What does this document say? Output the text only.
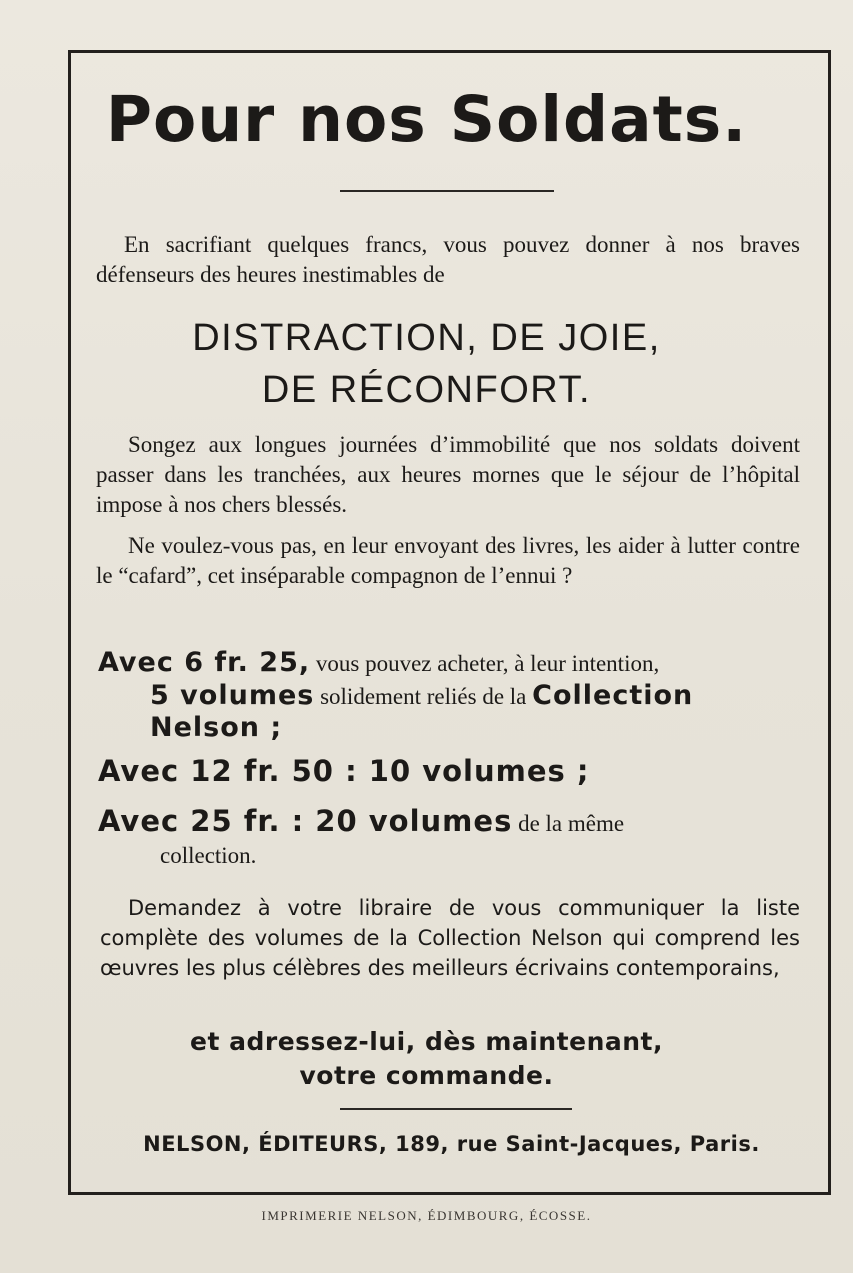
Pour nos Soldats.
En sacrifiant quelques francs, vous pouvez donner à nos braves défenseurs des heures inestimables de
DISTRACTION, DE JOIE,
DE RÉCONFORT.
Songez aux longues journées d’immobilité que nos soldats doivent passer dans les tranchées, aux heures mornes que le séjour de l’hôpital impose à nos chers blessés.
Ne voulez-vous pas, en leur envoyant des livres, les aider à lutter contre le “cafard”, cet inséparable compagnon de l’ennui ?
Avec 6 fr. 25, vous pouvez acheter, à leur intention,
5 volumes solidement reliés de la Collection Nelson ;
Avec 12 fr. 50 : 10 volumes ;
Avec 25 fr. : 20 volumes de la même
collection.
Demandez à votre libraire de vous communiquer la liste complète des volumes de la Collection Nelson qui comprend les œuvres les plus célèbres des meilleurs écrivains contemporains,
et adressez-lui, dès maintenant,
votre commande.
NELSON, ÉDITEURS, 189, rue Saint-Jacques, Paris.
IMPRIMERIE NELSON, ÉDIMBOURG, ÉCOSSE.
